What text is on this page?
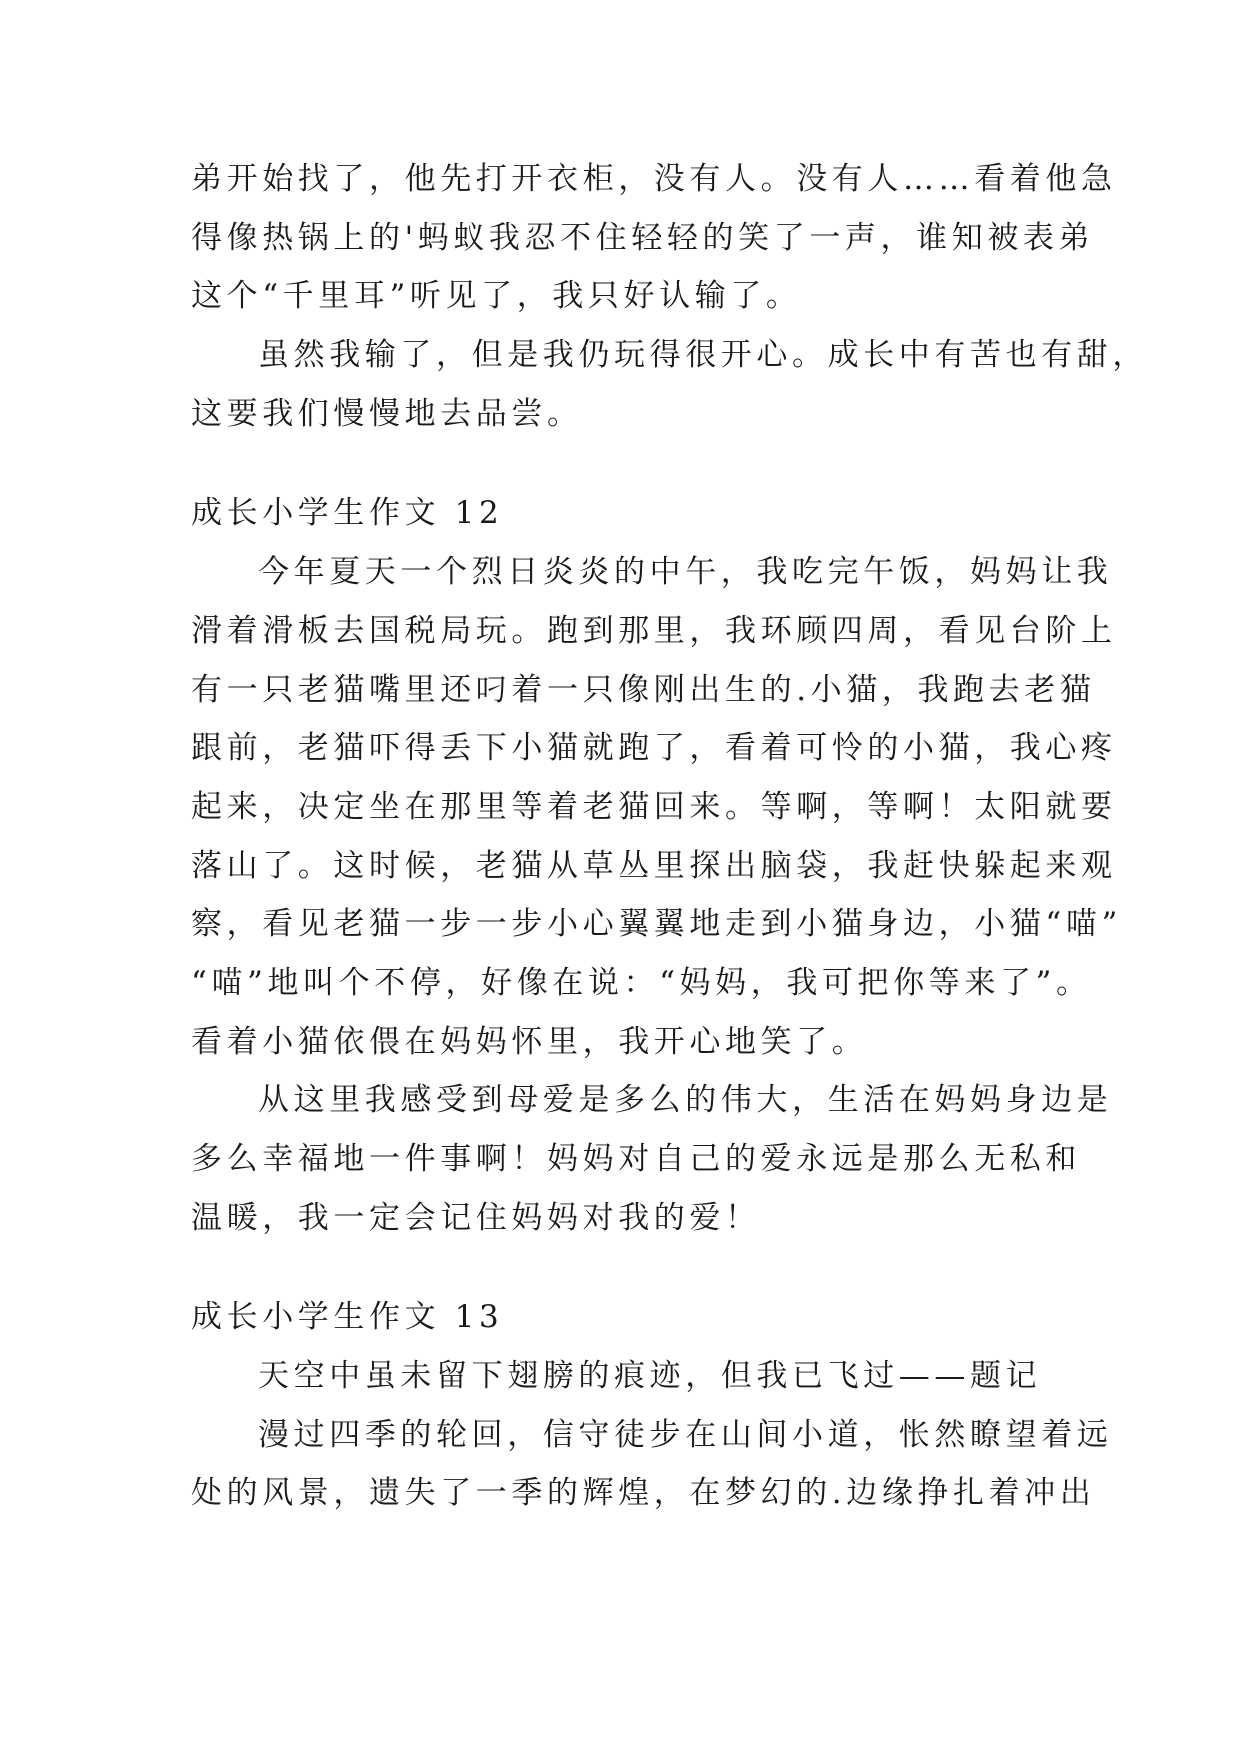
弟开始找了，他先打开衣柜，没有人。没有人……看着他急
得像热锅上的'蚂蚁我忍不住轻轻的笑了一声，谁知被表弟
这个“千里耳”听见了，我只好认输了。
虽然我输了，但是我仍玩得很开心。成长中有苦也有甜，
这要我们慢慢地去品尝。
成长小学生作文 12
今年夏天一个烈日炎炎的中午，我吃完午饭，妈妈让我
滑着滑板去国税局玩。跑到那里，我环顾四周，看见台阶上
有一只老猫嘴里还叼着一只像刚出生的.小猫，我跑去老猫
跟前，老猫吓得丢下小猫就跑了，看着可怜的小猫，我心疼
起来，决定坐在那里等着老猫回来。等啊，等啊！太阳就要
落山了。这时候，老猫从草丛里探出脑袋，我赶快躲起来观
察，看见老猫一步一步小心翼翼地走到小猫身边，小猫“喵”
“喵”地叫个不停，好像在说：“妈妈，我可把你等来了”。
看着小猫依偎在妈妈怀里，我开心地笑了。
从这里我感受到母爱是多么的伟大，生活在妈妈身边是
多么幸福地一件事啊！妈妈对自己的爱永远是那么无私和
温暖，我一定会记住妈妈对我的爱！
成长小学生作文 13
天空中虽未留下翅膀的痕迹，但我已飞过——题记
漫过四季的轮回，信守徒步在山间小道，怅然瞭望着远
处的风景，遗失了一季的辉煌，在梦幻的.边缘挣扎着冲出
